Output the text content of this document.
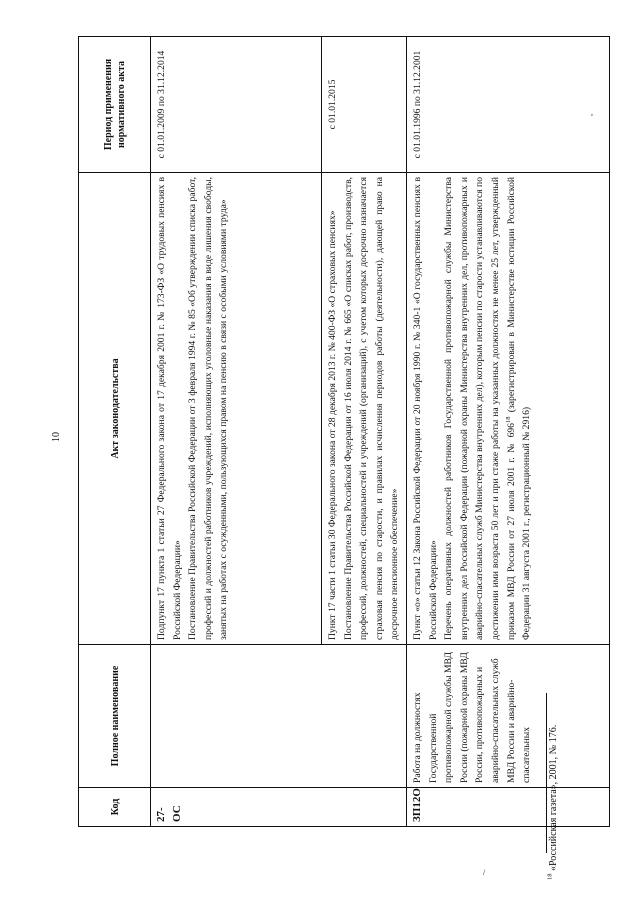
10
,
/
Код	Полное наименование	Акт законодательства	Период применения нормативного акта
27-ОС		Подпункт 17 пункта 1 статьи 27 Федерального закона от 17 декабря 2001 г. № 173-ФЗ «О трудовых пенсиях в Российской Федерации» Постановление Правительства Российской Федерации от 3 февраля 1994 г. № 85 «Об утверждении списка работ, профессий и должностей работников учреждений, исполняющих уголовные наказания в виде лишения свободы, занятых на работах с осужденными, пользующихся правом на пенсию в связи с особыми условиями труда»	с 01.01.2009 по 31.12.2014

		Пункт 17 части 1 статьи 30 Федерального закона от 28 декабря 2013 г. № 400-ФЗ «О страховых пенсиях» Постановление Правительства Российской Федерации от 16 июля 2014 г. № 665 «О списках работ, производств, профессий, должностей, специальностей и учреждений (организаций), с учетом которых досрочно назначается страховая пенсия по старости, и правилах исчисления периодов работы (деятельности), дающей право на досрочное пенсионное обеспечение»	с 01.01.2015
ЗП12О	Работа на должностях Государственной противопожарной службы МВД России (пожарной охраны МВД России, противопожарных и аварийно-спасательных служб МВД России и аварийно-спасательных	Пункт «о» статьи 12 Закона Российской Федерации от 20 ноября 1990 г. № 340-1 «О государственных пенсиях в Российской Федерации» Перечень оперативных должностей работников Государственной противопожарной службы Министерства внутренних дел Российской Федерации (пожарной охраны Министерства внутренних дел, противопожарных и аварийно-спасательных служб Министерства внутренних дел), которым пенсии по старости устанавливаются по достижении ими возраста 50 лет и при стаже работы на указанных должностях не менее 25 лет, утвержденный приказом МВД России от 27 июля 2001 г. № $696^{18}$ (зарегистрирован в Министерстве юстиции Российской Федерации 31 августа 2001 г., регистрационный № 2916)	с 01.01.1996 по 31.12.2001
$^{18}$ «Российская газета», 2001, № 176.
